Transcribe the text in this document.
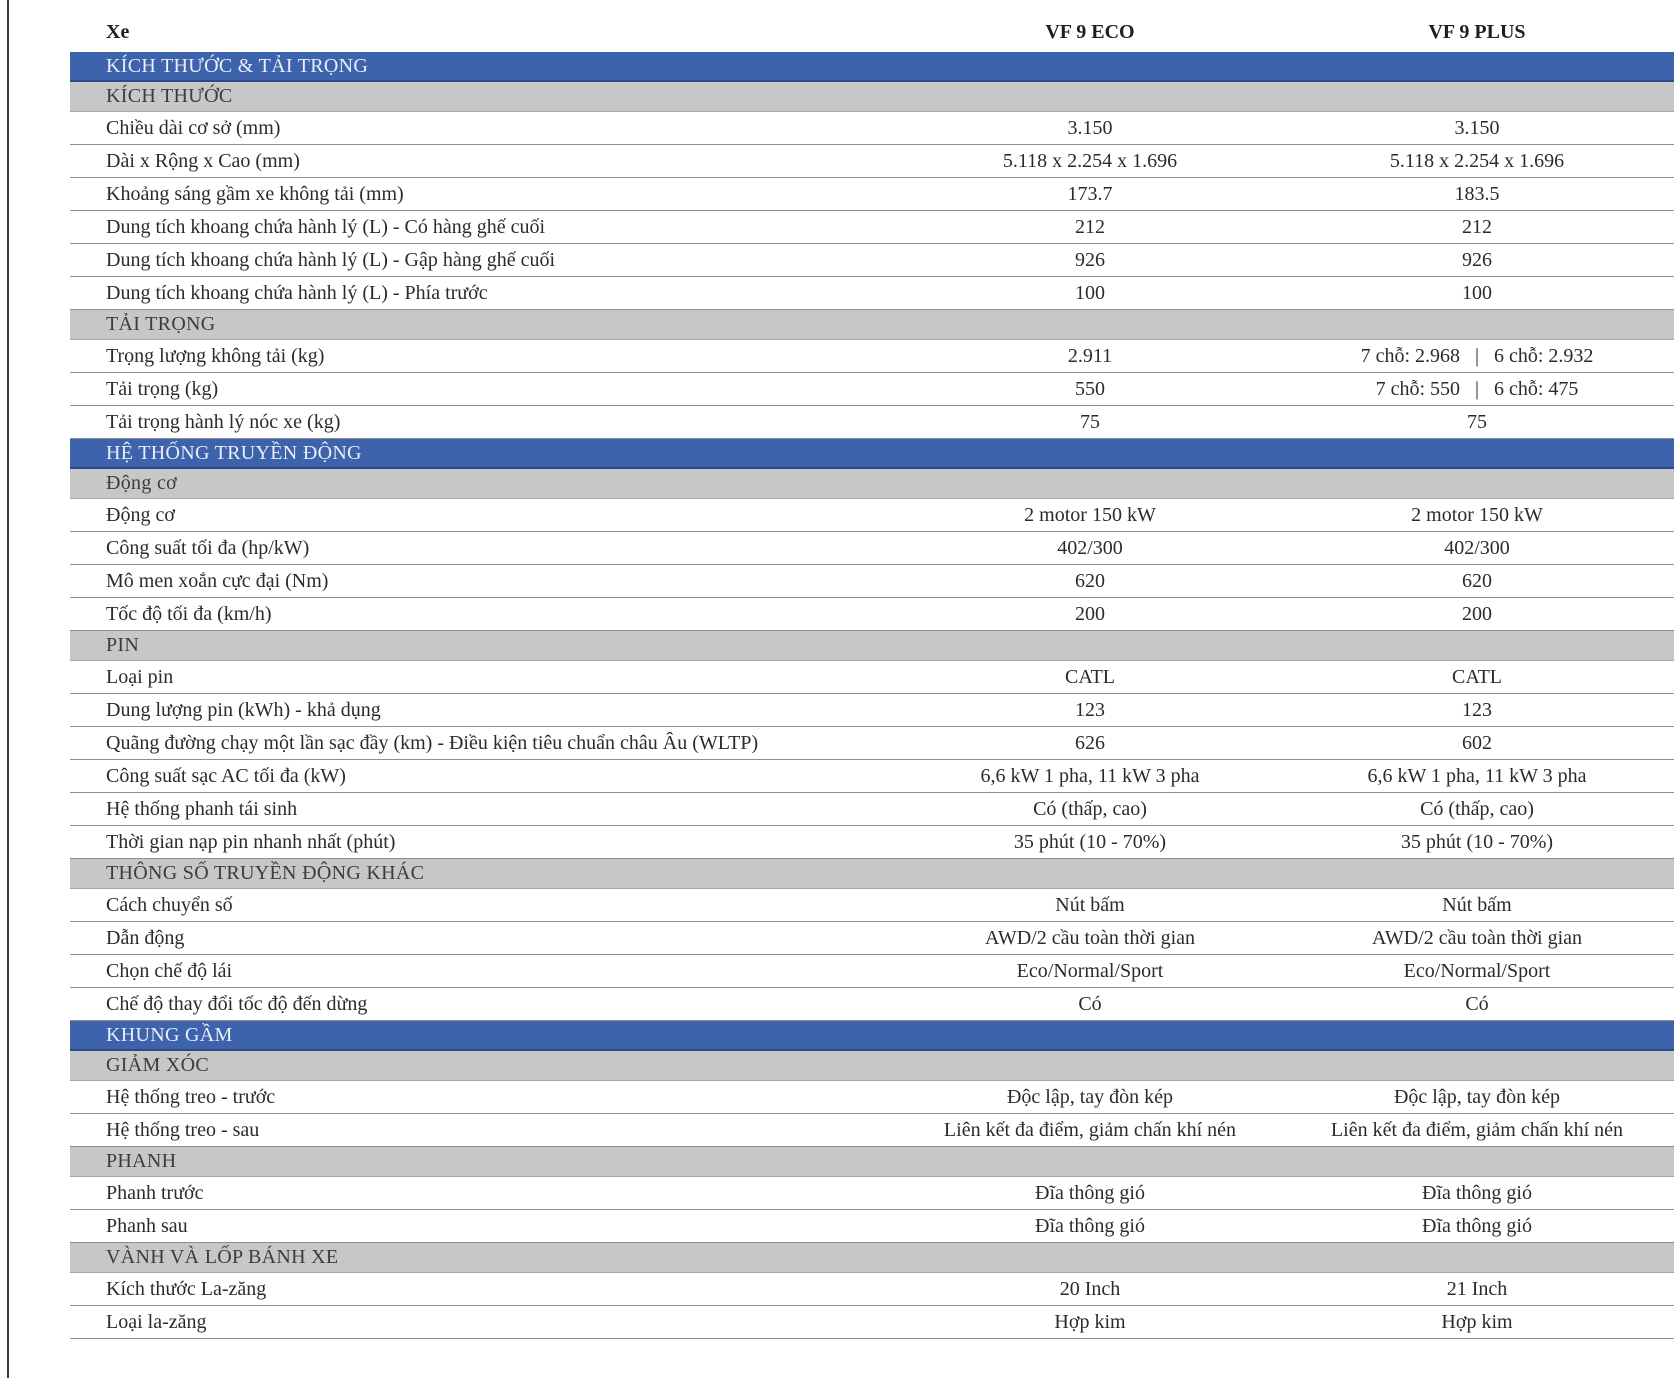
Xe	VF 9 ECO	VF 9 PLUS
KÍCH THƯỚC & TẢI TRỌNG
KÍCH THƯỚC
Chiều dài cơ sở (mm)	3.150	3.150
Dài x Rộng x Cao (mm)	5.118 x 2.254 x 1.696	5.118 x 2.254 x 1.696
Khoảng sáng gầm xe không tải (mm)	173.7	183.5
Dung tích khoang chứa hành lý (L) - Có hàng ghế cuối	212	212
Dung tích khoang chứa hành lý (L) - Gập hàng ghế cuối	926	926
Dung tích khoang chứa hành lý (L) - Phía trước	100	100
TẢI TRỌNG
Trọng lượng không tải (kg)	2.911	7 chỗ: 2.968   |   6 chỗ: 2.932
Tải trọng (kg)	550	7 chỗ: 550   |   6 chỗ: 475
Tải trọng hành lý nóc xe (kg)	75	75
HỆ THỐNG TRUYỀN ĐỘNG
Động cơ
Động cơ	2 motor 150 kW	2 motor 150 kW
Công suất tối đa (hp/kW)	402/300	402/300
Mô men xoắn cực đại (Nm)	620	620
Tốc độ tối đa (km/h)	200	200
PIN
Loại pin	CATL	CATL
Dung lượng pin (kWh) - khả dụng	123	123
Quãng đường chạy một lần sạc đầy (km) - Điều kiện tiêu chuẩn châu Âu (WLTP)	626	602
Công suất sạc AC tối đa (kW)	6,6 kW 1 pha, 11 kW 3 pha	6,6 kW 1 pha, 11 kW 3 pha
Hệ thống phanh tái sinh	Có (thấp, cao)	Có (thấp, cao)
Thời gian nạp pin nhanh nhất (phút)	35 phút (10 - 70%)	35 phút (10 - 70%)
THÔNG SỐ TRUYỀN ĐỘNG KHÁC
Cách chuyển số	Nút bấm	Nút bấm
Dẫn động	AWD/2 cầu toàn thời gian	AWD/2 cầu toàn thời gian
Chọn chế độ lái	Eco/Normal/Sport	Eco/Normal/Sport
Chế độ thay đổi tốc độ đến dừng	Có	Có
KHUNG GẦM
GIẢM XÓC
Hệ thống treo - trước	Độc lập, tay đòn kép	Độc lập, tay đòn kép
Hệ thống treo - sau	Liên kết đa điểm, giảm chấn khí nén	Liên kết đa điểm, giảm chấn khí nén
PHANH
Phanh trước	Đĩa thông gió	Đĩa thông gió
Phanh sau	Đĩa thông gió	Đĩa thông gió
VÀNH VÀ LỐP BÁNH XE
Kích thước La-zăng	20 Inch	21 Inch
Loại la-zăng	Hợp kim	Hợp kim
